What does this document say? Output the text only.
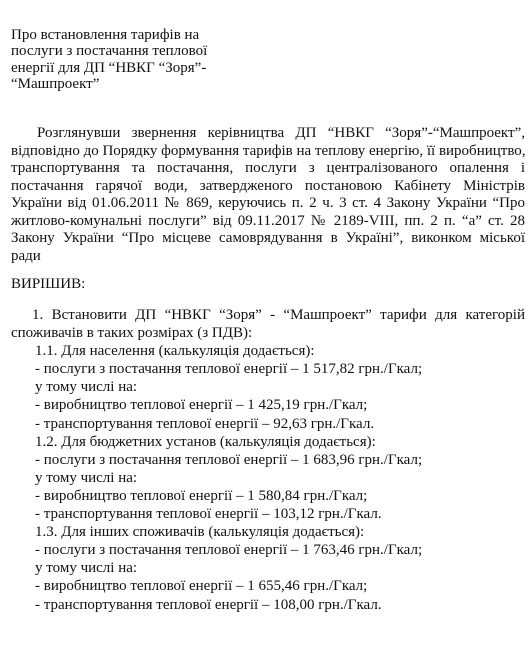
Про встановлення тарифів на
послуги з постачання теплової
енергії для ДП “НВКГ “Зоря”-
“Машпроект”
Розглянувши звернення керівництва ДП “НВКГ “Зоря”-“Машпроект”,
відповідно до Порядку формування тарифів на теплову енергію, її виробництво,
транспортування та постачання, послуги з централізованого опалення і
постачання гарячої води, затвердженого постановою Кабінету Міністрів
України від 01.06.2011 № 869, керуючись п. 2 ч. 3 ст. 4 Закону України “Про
житлово-комунальні послуги” від 09.11.2017 № 2189-VIII, пп. 2 п. “а” ст. 28
Закону України “Про місцеве самоврядування в Україні”, виконком міської
ради
ВИРІШИВ:
1. Встановити ДП “НВКГ “Зоря” - “Машпроект” тарифи для категорій
споживачів в таких розмірах (з ПДВ):
1.1. Для населення (калькуляція додається):
- послуги з постачання теплової енергії – 1 517,82 грн./Гкал;
у тому числі на:
- виробництво теплової енергії – 1 425,19 грн./Гкал;
- транспортування теплової енергії – 92,63 грн./Гкал.
1.2. Для бюджетних установ (калькуляція додається):
- послуги з постачання теплової енергії – 1 683,96 грн./Гкал;
у тому числі на:
- виробництво теплової енергії – 1 580,84 грн./Гкал;
- транспортування теплової енергії – 103,12 грн./Гкал.
1.3. Для інших споживачів (калькуляція додається):
- послуги з постачання теплової енергії – 1 763,46 грн./Гкал;
у тому числі на:
- виробництво теплової енергії – 1 655,46 грн./Гкал;
- транспортування теплової енергії – 108,00 грн./Гкал.
